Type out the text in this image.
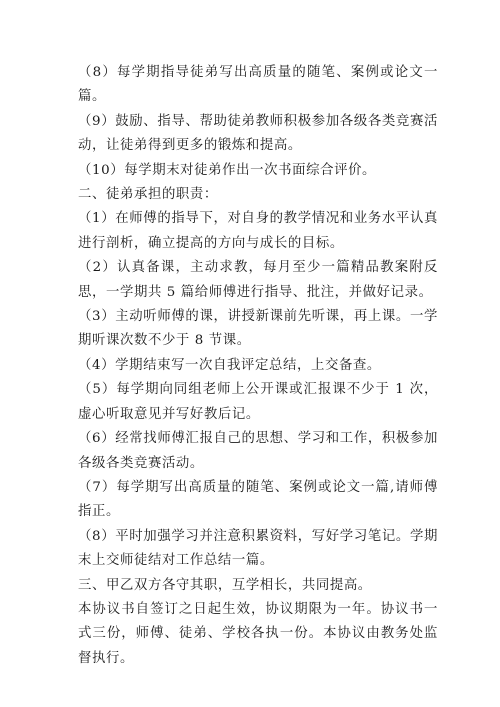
（8）每学期指导徒弟写出高质量的随笔、案例或论文一篇。

（9）鼓励、指导、帮助徒弟教师积极参加各级各类竞赛活动，让徒弟得到更多的锻炼和提高。

（10）每学期末对徒弟作出一次书面综合评价。

二、徒弟承担的职责：

（1）在师傅的指导下，对自身的教学情况和业务水平认真进行剖析，确立提高的方向与成长的目标。

（2）认真备课，主动求教，每月至少一篇精品教案附反思，一学期共 5 篇给师傅进行指导、批注，并做好记录。

（3）主动听师傅的课，讲授新课前先听课，再上课。一学期听课次数不少于 8 节课。

（4）学期结束写一次自我评定总结，上交备查。

（5）每学期向同组老师上公开课或汇报课不少于 1 次，虚心听取意见并写好教后记。

（6）经常找师傅汇报自己的思想、学习和工作，积极参加各级各类竞赛活动。

（7）每学期写出高质量的随笔、案例或论文一篇,请师傅指正。

（8）平时加强学习并注意积累资料，写好学习笔记。学期末上交师徒结对工作总结一篇。

三、甲乙双方各守其职，互学相长，共同提高。

本协议书自签订之日起生效，协议期限为一年。协议书一式三份，师傅、徒弟、学校各执一份。本协议由教务处监督执行。
